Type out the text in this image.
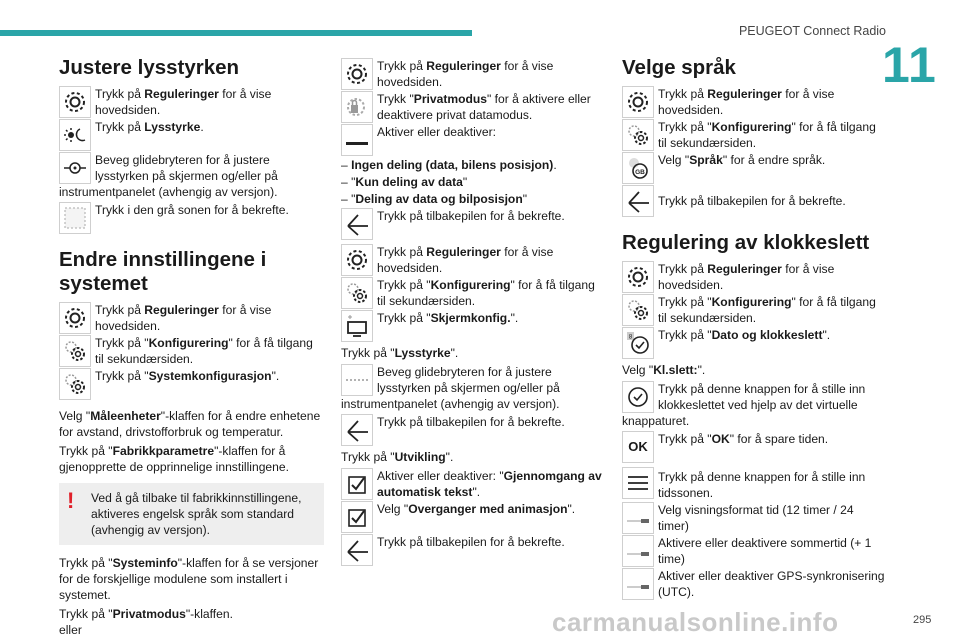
PEUGEOT Connect Radio
11
carmanualsonline.info	295
Justere lysstyrken
Trykk på Reguleringer for å vise hovedsiden.
Trykk på Lysstyrke.
Beveg glidebryteren for å justere lysstyrken på skjermen og/eller på instrumentpanelet (avhengig av versjon).
Trykk i den grå sonen for å bekrefte.
Endre innstillingene i systemet
Trykk på Reguleringer for å vise hovedsiden.
Trykk på "Konfigurering" for å få tilgang til sekundærsiden.
Trykk på "Systemkonfigurasjon".
Velg "Måleenheter"-klaffen for å endre enhetene for avstand, drivstofforbruk og temperatur.
Trykk på "Fabrikkparametre"-klaffen for å gjenopprette de opprinnelige innstillingene.
!	Ved å gå tilbake til fabrikkinnstillingene, aktiveres engelsk språk som standard (avhengig av versjon).
Trykk på "Systeminfo"-klaffen for å se versjoner for de forskjellige modulene som installert i systemet.
Trykk på "Privatmodus"-klaffen.
eller
Trykk på Reguleringer for å vise hovedsiden.
Trykk "Privatmodus" for å aktivere eller deaktivere privat datamodus.
Aktiver eller deaktiver:
– Ingen deling (data, bilens posisjon).
– "Kun deling av data"
– "Deling av data og bilposisjon"
Trykk på tilbakepilen for å bekrefte.
Trykk på Reguleringer for å vise hovedsiden.
Trykk på "Konfigurering" for å få tilgang til sekundærsiden.
Trykk på "Skjermkonfig.".
Trykk på "Lysstyrke".
Beveg glidebryteren for å justere lysstyrken på skjermen og/eller på instrumentpanelet (avhengig av versjon).
Trykk på tilbakepilen for å bekrefte.
Trykk på "Utvikling".
Aktiver eller deaktiver: "Gjennomgang av automatisk tekst".
Velg "Overganger med animasjon".
Trykk på tilbakepilen for å bekrefte.
Velge språk
Trykk på Reguleringer for å vise hovedsiden.
Trykk på "Konfigurering" for å få tilgang til sekundærsiden.
GB
Velg "Språk" for å endre språk.
Trykk på tilbakepilen for å bekrefte.
Regulering av klokkeslett
Trykk på Reguleringer for å vise hovedsiden.
Trykk på "Konfigurering" for å få tilgang til sekundærsiden.
8 Trykk på "Dato og klokkeslett".
Velg "Kl.slett:".
Trykk på denne knappen for å stille inn klokkeslettet ved hjelp av det virtuelle knappaturet.
OK Trykk på "OK" for å spare tiden.
Trykk på denne knappen for å stille inn tidssonen.
Velg visningsformat tid (12 timer / 24 timer)
Aktivere eller deaktivere sommertid (+ 1 time)
Aktiver eller deaktiver GPS-synkronisering (UTC).
